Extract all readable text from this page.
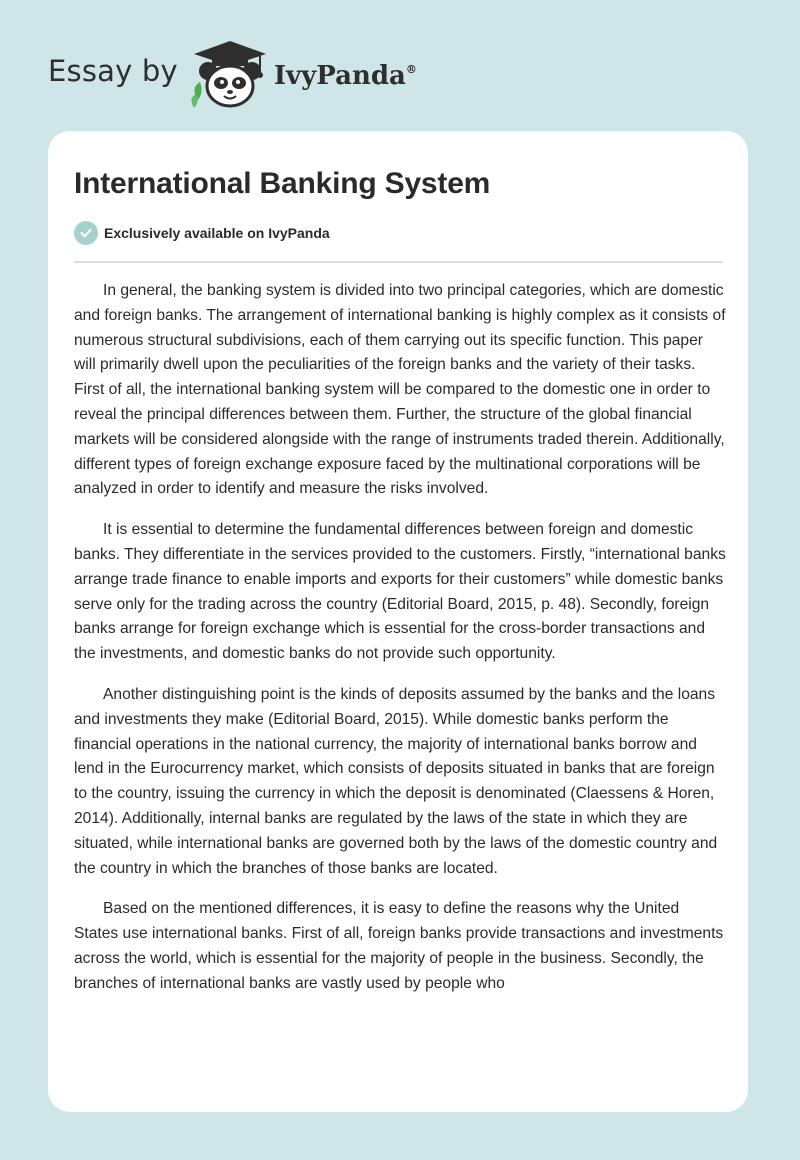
Essay by	IvyPanda®
International Banking System
Exclusively available on IvyPanda

In general, the banking system is divided into two principal categories, which are domestic and foreign banks. The arrangement of international banking is highly complex as it consists of numerous structural subdivisions, each of them carrying out its specific function. This paper will primarily dwell upon the peculiarities of the foreign banks and the variety of their tasks. First of all, the international banking system will be compared to the domestic one in order to reveal the principal differences between them. Further, the structure of the global financial markets will be considered alongside with the range of instruments traded therein. Additionally, different types of foreign exchange exposure faced by the multinational corporations will be analyzed in order to identify and measure the risks involved.

It is essential to determine the fundamental differences between foreign and domestic banks. They differentiate in the services provided to the customers. Firstly, “international banks arrange trade finance to enable imports and exports for their customers” while domestic banks serve only for the trading across the country (Editorial Board, 2015, p. 48). Secondly, foreign banks arrange for foreign exchange which is essential for the cross-border transactions and the investments, and domestic banks do not provide such opportunity.

Another distinguishing point is the kinds of deposits assumed by the banks and the loans and investments they make (Editorial Board, 2015). While domestic banks perform the financial operations in the national currency, the majority of international banks borrow and lend in the Eurocurrency market, which consists of deposits situated in banks that are foreign to the country, issuing the currency in which the deposit is denominated (Claessens & Horen, 2014). Additionally, internal banks are regulated by the laws of the state in which they are situated, while international banks are governed both by the laws of the domestic country and the country in which the branches of those banks are located.

Based on the mentioned differences, it is easy to define the reasons why the United States use international banks. First of all, foreign banks provide transactions and investments across the world, which is essential for the majority of people in the business. Secondly, the branches of international banks are vastly used by people who
